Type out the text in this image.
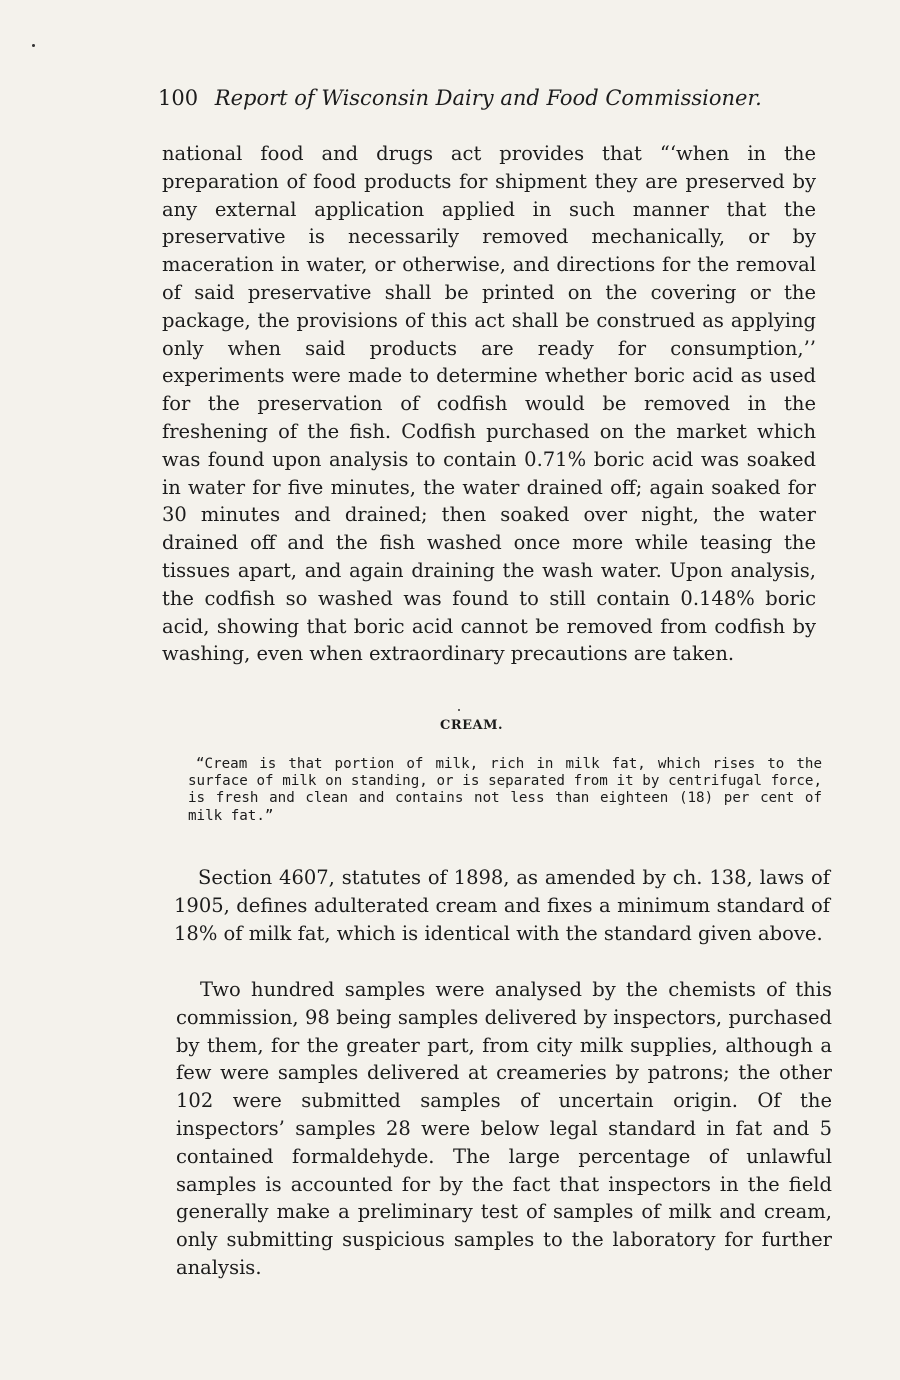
100 Report of Wisconsin Dairy and Food Commissioner.

national food and drugs act provides that “‘when in the preparation of food products for shipment they are preserved by any external application applied in such manner that the preservative is necessarily removed mechanically, or by maceration in water, or otherwise, and directions for the removal of said preservative shall be printed on the covering or the package, the provisions of this act shall be construed as applying only when said products are ready for consumption,’’ experiments were made to determine whether boric acid as used for the preservation of codfish would be removed in the freshening of the fish. Codfish purchased on the market which was found upon analysis to contain 0.71% boric acid was soaked in water for five minutes, the water drained off; again soaked for 30 minutes and drained; then soaked over night, the water drained off and the fish washed once more while teasing the tissues apart, and again draining the wash water. Upon analysis, the codfish so washed was found to still contain 0.148% boric acid, showing that boric acid cannot be removed from codfish by washing, even when extraordinary precautions are taken.

CREAM.

“Cream is that portion of milk, rich in milk fat, which rises to the surface of milk on standing, or is separated from it by centrifugal force, is fresh and clean and contains not less than eighteen (18) per cent of milk fat.”

Section 4607, statutes of 1898, as amended by ch. 138, laws of 1905, defines adulterated cream and fixes a minimum standard of 18% of milk fat, which is identical with the standard given above.

Two hundred samples were analysed by the chemists of this commission, 98 being samples delivered by inspectors, purchased by them, for the greater part, from city milk supplies, although a few were samples delivered at creameries by patrons; the other 102 were submitted samples of uncertain origin. Of the inspectors’ samples 28 were below legal standard in fat and 5 contained formaldehyde. The large percentage of unlawful samples is accounted for by the fact that inspectors in the field generally make a preliminary test of samples of milk and cream, only submitting suspicious samples to the laboratory for further analysis.
